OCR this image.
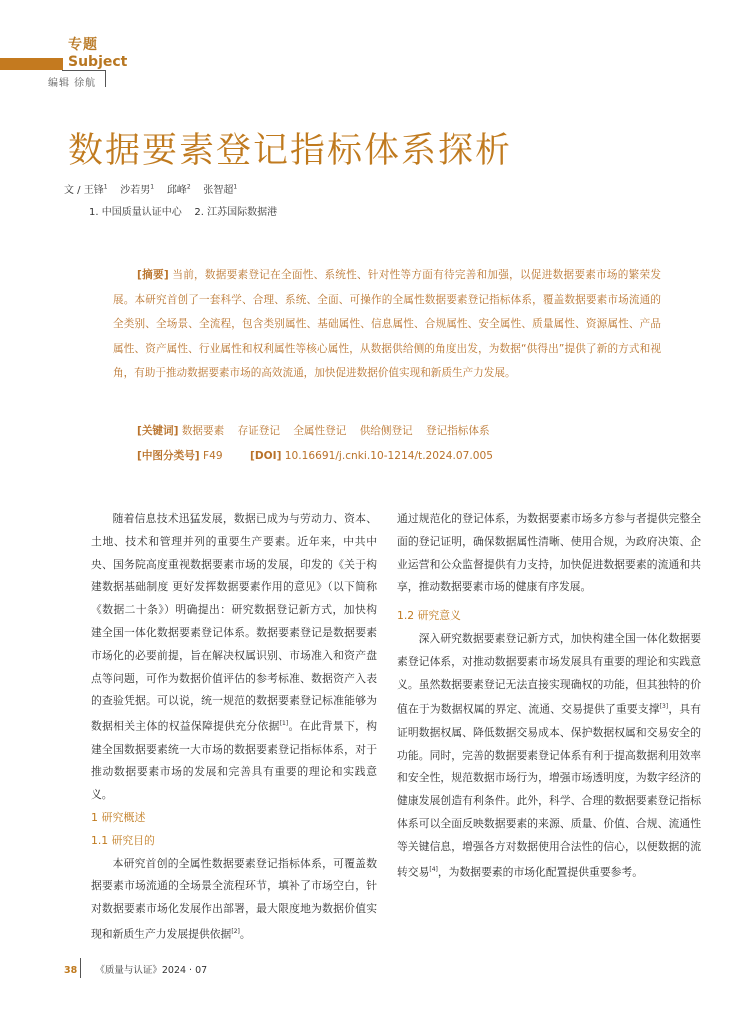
专题
Subject
编辑 徐航
数据要素登记指标体系探析
文 / 王锋$^1$ 沙若男$^1$ 邱峰$^2$ 张智超$^1$
1. 中国质量认证中心    2. 江苏国际数据港
[摘要] 当前，数据要素登记在全面性、系统性、针对性等方面有待完善和加强，以促进数据要素市场的繁荣发展。本研究首创了一套科学、合理、系统、全面、可操作的全属性数据要素登记指标体系，覆盖数据要素市场流通的全类别、全场景、全流程，包含类别属性、基础属性、信息属性、合规属性、安全属性、质量属性、资源属性、产品属性、资产属性、行业属性和权利属性等核心属性，从数据供给侧的角度出发，为数据“供得出”提供了新的方式和视角，有助于推动数据要素市场的高效流通，加快促进数据价值实现和新质生产力发展。
[关键词] 数据要素 存证登记 全属性登记 供给侧登记 登记指标体系
[中图分类号] F49	[DOI] 10.16691/j.cnki.10-1214/t.2024.07.005

随着信息技术迅猛发展，数据已成为与劳动力、资本、土地、技术和管理并列的重要生产要素。近年来，中共中央、国务院高度重视数据要素市场的发展，印发的《关于构建数据基础制度 更好发挥数据要素作用的意见》（以下简称《数据二十条》）明确提出：研究数据登记新方式，加快构建全国一体化数据要素登记体系。数据要素登记是数据要素市场化的必要前提，旨在解决权属识别、市场准入和资产盘点等问题，可作为数据价值评估的参考标准、数据资产入表的查验凭据。可以说，统一规范的数据要素登记标准能够为数据相关主体的权益保障提供充分依据[1]。在此背景下，构建全国数据要素统一大市场的数据要素登记指标体系，对于推动数据要素市场的发展和完善具有重要的理论和实践意义。

1 研究概述

1.1 研究目的

本研究首创的全属性数据要素登记指标体系，可覆盖数据要素市场流通的全场景全流程环节，填补了市场空白，针对数据要素市场化发展作出部署，最大限度地为数据价值实现和新质生产力发展提供依据[2]。

通过规范化的登记体系，为数据要素市场多方参与者提供完整全面的登记证明，确保数据属性清晰、使用合规，为政府决策、企业运营和公众监督提供有力支持，加快促进数据要素的流通和共享，推动数据要素市场的健康有序发展。

1.2 研究意义

深入研究数据要素登记新方式，加快构建全国一体化数据要素登记体系，对推动数据要素市场发展具有重要的理论和实践意义。虽然数据要素登记无法直接实现确权的功能，但其独特的价值在于为数据权属的界定、流通、交易提供了重要支撑[3]，具有证明数据权属、降低数据交易成本、保护数据权属和交易安全的功能。同时，完善的数据要素登记体系有利于提高数据利用效率和安全性，规范数据市场行为，增强市场透明度，为数字经济的健康发展创造有利条件。此外，科学、合理的数据要素登记指标体系可以全面反映数据要素的来源、质量、价值、合规、流通性等关键信息，增强各方对数据使用合法性的信心，以便数据的流转交易[4]，为数据要素的市场化配置提供重要参考。

38 《质量与认证》2024 · 07
